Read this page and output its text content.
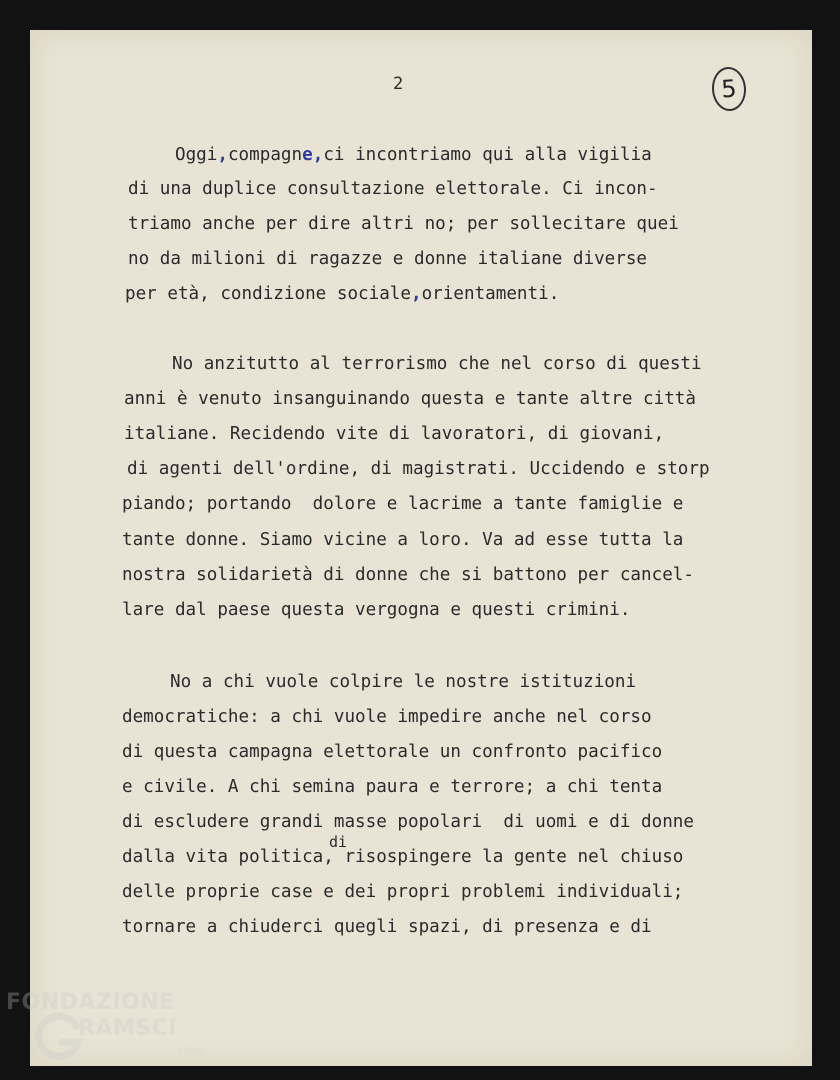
2	5
Oggi,compagne,ci incontriamo qui alla vigilia
di una duplice consultazione elettorale. Ci incon-
triamo anche per dire altri no; per sollecitare quei
no da milioni di ragazze e donne italiane diverse
per età, condizione sociale,orientamenti.
No anzitutto al terrorismo che nel corso di questi
anni è venuto insanguinando questa e tante altre città
italiane. Recidendo vite di lavoratori, di giovani,
di agenti dell'ordine, di magistrati. Uccidendo e storp
piando; portando  dolore e lacrime a tante famiglie e
tante donne. Siamo vicine a loro. Va ad esse tutta la
nostra solidarietà di donne che si battono per cancel-
lare dal paese questa vergogna e questi crimini.
No a chi vuole colpire le nostre istituzioni
democratiche: a chi vuole impedire anche nel corso
di questa campagna elettorale un confronto pacifico
e civile. A chi semina paura e terrore; a chi tenta
di escludere grandi masse popolari  di uomi e di donne
di
dalla vita politica, risospingere la gente nel chiuso
delle proprie case e dei propri problemi individuali;
tornare a chiuderci quegli spazi, di presenza e di
FONDAZIONE
RAMSCI
onlus
